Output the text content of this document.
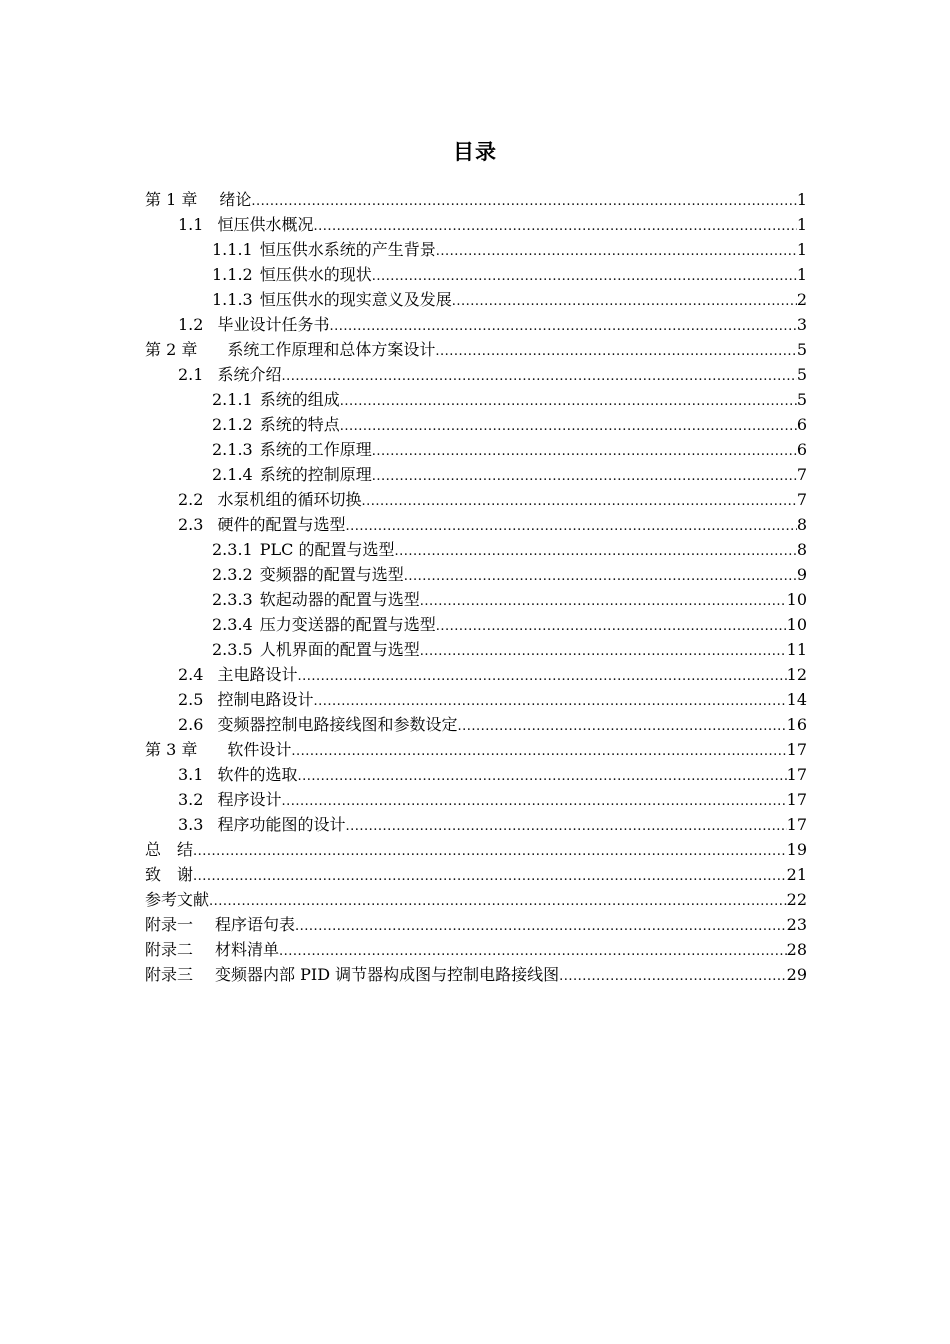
目录
第 1 章 绪论 .....	1
1.1 恒压供水概况 .....	1
1.1.1 恒压供水系统的产生背景 .....	1
1.1.2 恒压供水的现状 .....	1
1.1.3 恒压供水的现实意义及发展 .....	2
1.2 毕业设计任务书 .....	3
第 2 章 系统工作原理和总体方案设计 .....	5
2.1 系统介绍 .....	5
2.1.1 系统的组成 .....	5
2.1.2 系统的特点 .....	6
2.1.3 系统的工作原理 .....	6
2.1.4 系统的控制原理 .....	7
2.2 水泵机组的循环切换 .....	7
2.3 硬件的配置与选型 .....	8
2.3.1 PLC 的配置与选型 .....	8
2.3.2 变频器的配置与选型 .....	9
2.3.3 软起动器的配置与选型 .....	10
2.3.4 压力变送器的配置与选型 .....	10
2.3.5 人机界面的配置与选型 .....	11
2.4 主电路设计 .....	12
2.5 控制电路设计 .....	14
2.6 变频器控制电路接线图和参数设定 .....	16
第 3 章 软件设计 .....	17
3.1 软件的选取 .....	17
3.2 程序设计 .....	17
3.3 程序功能图的设计 .....	17
总　结 .....	19
致　谢 .....	21
参考文献 .....	22
附录一 程序语句表 .....	23
附录二 材料清单 .....	28
附录三 变频器内部 PID 调节器构成图与控制电路接线图 .....	29
